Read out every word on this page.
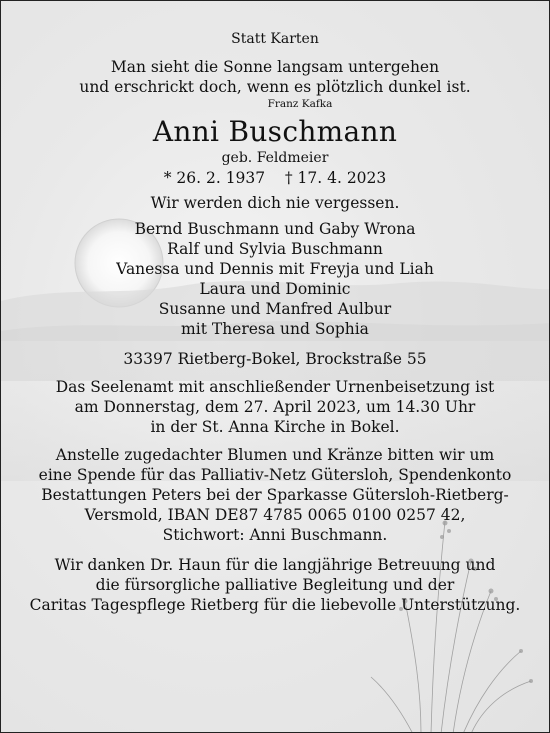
Statt Karten
Man sieht die Sonne langsam untergehen
und erschrickt doch, wenn es plötzlich dunkel ist.
Franz Kafka
Anni Buschmann
geb. Feldmeier
* 26. 2. 1937    † 17. 4. 2023
Wir werden dich nie vergessen.
Bernd Buschmann und Gaby Wrona
Ralf und Sylvia Buschmann
Vanessa und Dennis mit Freyja und Liah
Laura und Dominic
Susanne und Manfred Aulbur
mit Theresa und Sophia
33397 Rietberg-Bokel, Brockstraße 55
Das Seelenamt mit anschließender Urnenbeisetzung ist
am Donnerstag, dem 27. April 2023, um 14.30 Uhr
in der St. Anna Kirche in Bokel.
Anstelle zugedachter Blumen und Kränze bitten wir um
eine Spende für das Palliativ-Netz Gütersloh, Spendenkonto
Bestattungen Peters bei der Sparkasse Gütersloh-Rietberg-
Versmold, IBAN DE87 4785 0065 0100 0257 42,
Stichwort: Anni Buschmann.
Wir danken Dr. Haun für die langjährige Betreuung und
die fürsorgliche palliative Begleitung und der
Caritas Tagespflege Rietberg für die liebevolle Unterstützung.
